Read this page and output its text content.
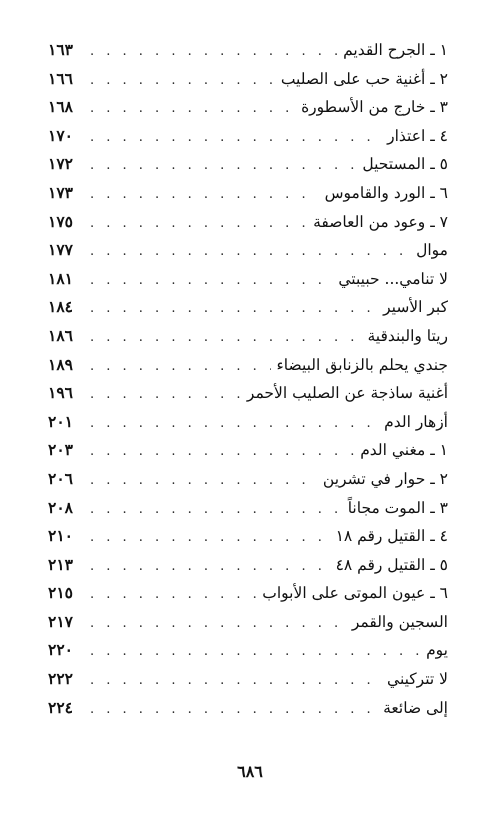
١ ـ الجرح القديم
. . .
١٦٣
٢ ـ أغنية حب على الصليب
. . .
١٦٦
٣ ـ خارج من الأسطورة
. . .
١٦٨
٤ ـ اعتذار
. . .
١٧٠
٥ ـ المستحيل
. . .
١٧٢
٦ ـ الورد والقاموس
. . .
١٧٣
٧ ـ وعود من العاصفة
. . .
١٧٥
موال
. . .
١٧٧
لا تنامي... حبيبتي
. . .
١٨١
كبر الأسير
. . .
١٨٤
ريتا والبندقية
. . .
١٨٦
جندي يحلم بالزنابق البيضاء
. . .
١٨٩
أغنية ساذجة عن الصليب الأحمر
. . .
١٩٦
أزهار الدم
. . .
٢٠١
١ ـ مغني الدم
. . .
٢٠٣
٢ ـ حوار في تشرين
. . .
٢٠٦
٣ ـ الموت مجاناً
. . .
٢٠٨
٤ ـ القتيل رقم ١٨
. . .
٢١٠
٥ ـ القتيل رقم ٤٨
. . .
٢١٣
٦ ـ عيون الموتى على الأبواب
. . .
٢١٥
السجين والقمر
. . .
٢١٧
يوم
. . .
٢٢٠
لا تتركيني
. . .
٢٢٢
إلى ضائعة
. . .
٢٢٤
٦٨٦
